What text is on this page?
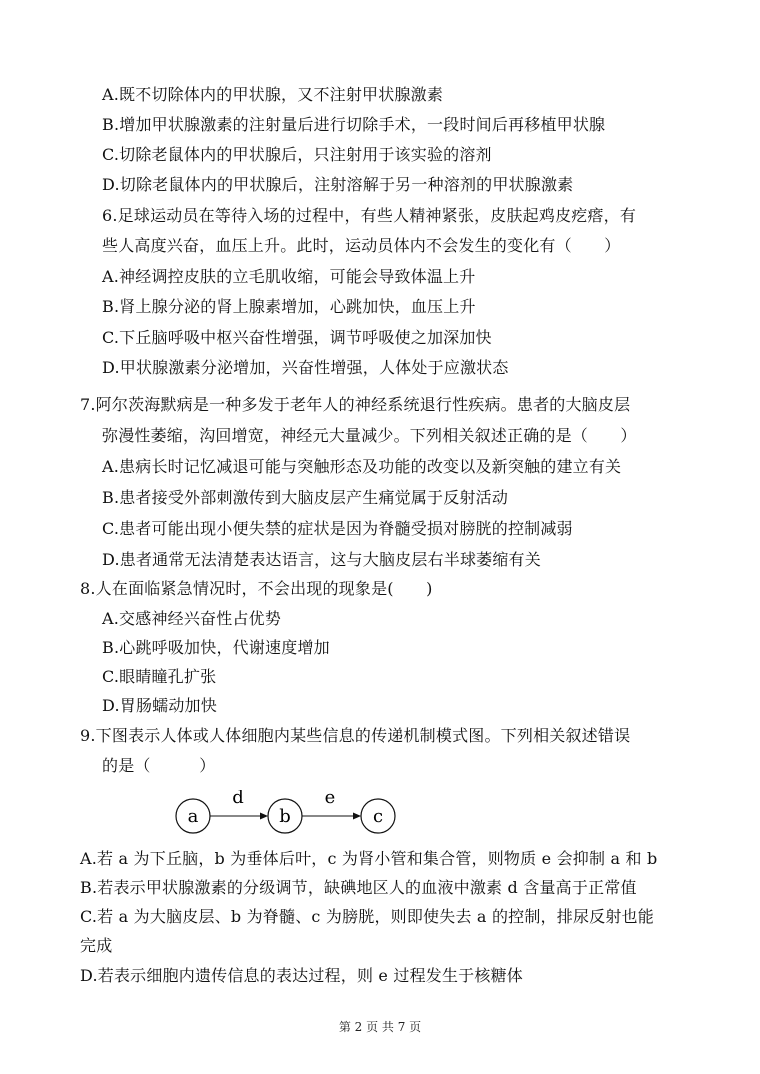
A.既不切除体内的甲状腺，又不注射甲状腺激素
B.增加甲状腺激素的注射量后进行切除手术，一段时间后再移植甲状腺
C.切除老鼠体内的甲状腺后，只注射用于该实验的溶剂
D.切除老鼠体内的甲状腺后，注射溶解于另一种溶剂的甲状腺激素
6.足球运动员在等待入场的过程中，有些人精神紧张，皮肤起鸡皮疙瘩，有
些人高度兴奋，血压上升。此时，运动员体内不会发生的变化有（　　）
A.神经调控皮肤的立毛肌收缩，可能会导致体温上升
B.肾上腺分泌的肾上腺素增加，心跳加快，血压上升
C.下丘脑呼吸中枢兴奋性增强，调节呼吸使之加深加快
D.甲状腺激素分泌增加，兴奋性增强，人体处于应激状态
7.阿尔茨海默病是一种多发于老年人的神经系统退行性疾病。患者的大脑皮层
弥漫性萎缩，沟回增宽，神经元大量减少。下列相关叙述正确的是（　　）
A.患病长时记忆减退可能与突触形态及功能的改变以及新突触的建立有关
B.患者接受外部刺激传到大脑皮层产生痛觉属于反射活动
C.患者可能出现小便失禁的症状是因为脊髓受损对膀胱的控制减弱
D.患者通常无法清楚表达语言，这与大脑皮层右半球萎缩有关
8.人在面临紧急情况时，不会出现的现象是(　　)
A.交感神经兴奋性占优势
B.心跳呼吸加快，代谢速度增加
C.眼睛瞳孔扩张
D.胃肠蠕动加快
9.下图表示人体或人体细胞内某些信息的传递机制模式图。下列相关叙述错误
的是（　　　）
a	b	c
d	e
A.若 a 为下丘脑，b 为垂体后叶，c 为肾小管和集合管，则物质 e 会抑制 a 和 b
B.若表示甲状腺激素的分级调节，缺碘地区人的血液中激素 d 含量高于正常值
C.若 a 为大脑皮层、b 为脊髓、c 为膀胱，则即使失去 a 的控制，排尿反射也能
完成
D.若表示细胞内遗传信息的表达过程，则 e 过程发生于核糖体
第 2 页 共 7 页
